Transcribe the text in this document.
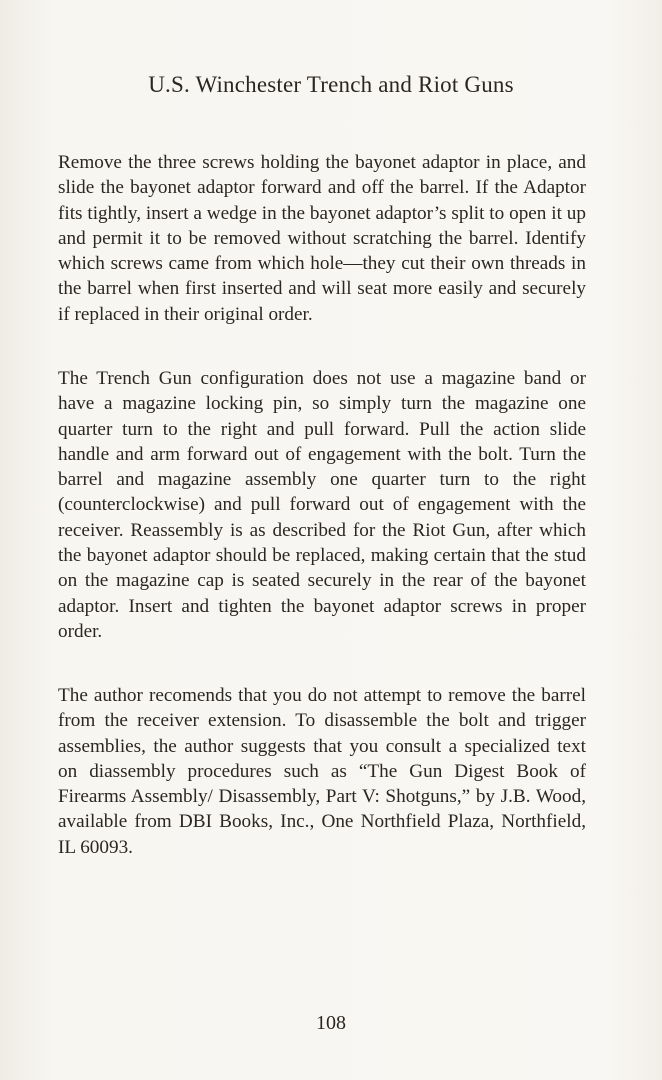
U.S. Winchester Trench and Riot Guns

Remove the three screws holding the bayonet adaptor in place, and slide the bayonet adaptor forward and off the barrel. If the Adaptor fits tightly, insert a wedge in the bayonet adaptor’s split to open it up and permit it to be removed without scratching the barrel. Identify which screws came from which hole—they cut their own threads in the barrel when first inserted and will seat more easily and securely if replaced in their original order.

The Trench Gun configuration does not use a magazine band or have a magazine locking pin, so simply turn the magazine one quarter turn to the right and pull forward. Pull the action slide handle and arm forward out of engagement with the bolt. Turn the barrel and magazine assembly one quarter turn to the right (counterclockwise) and pull forward out of engagement with the receiver. Reassembly is as described for the Riot Gun, after which the bayonet adaptor should be replaced, making certain that the stud on the magazine cap is seated securely in the rear of the bayonet adaptor. Insert and tighten the bayonet adaptor screws in proper order.

The author recomends that you do not attempt to remove the barrel from the receiver extension. To disassemble the bolt and trigger assemblies, the author suggests that you consult a specialized text on diassembly procedures such as “The Gun Digest Book of Firearms Assembly/ Disassembly, Part V: Shotguns,” by J.B. Wood, available from DBI Books, Inc., One Northfield Plaza, Northfield, IL 60093.

108
